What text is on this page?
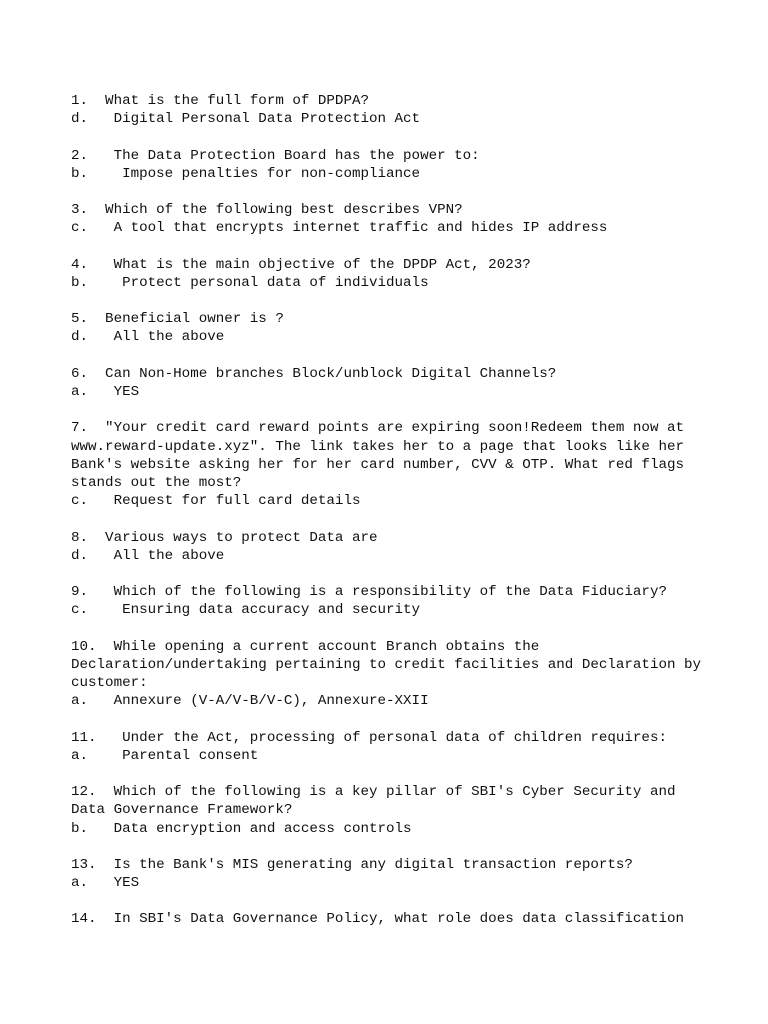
1.  What is the full form of DPDPA?
d.   Digital Personal Data Protection Act
2.   The Data Protection Board has the power to:
b.    Impose penalties for non-compliance
3.  Which of the following best describes VPN?
c.   A tool that encrypts internet traffic and hides IP address
4.   What is the main objective of the DPDP Act, 2023?
b.    Protect personal data of individuals
5.  Beneficial owner is ?
d.   All the above
6.  Can Non-Home branches Block/unblock Digital Channels?
a.   YES
7.  "Your credit card reward points are expiring soon!Redeem them now at
www.reward-update.xyz". The link takes her to a page that looks like her
Bank's website asking her for her card number, CVV & OTP. What red flags
stands out the most?
c.   Request for full card details
8.  Various ways to protect Data are
d.   All the above
9.   Which of the following is a responsibility of the Data Fiduciary?
c.    Ensuring data accuracy and security
10.  While opening a current account Branch obtains the
Declaration/undertaking pertaining to credit facilities and Declaration by
customer:
a.   Annexure (V-A/V-B/V-C), Annexure-XXII
11.   Under the Act, processing of personal data of children requires:
a.    Parental consent
12.  Which of the following is a key pillar of SBI's Cyber Security and
Data Governance Framework?
b.   Data encryption and access controls
13.  Is the Bank's MIS generating any digital transaction reports?
a.   YES
14.  In SBI's Data Governance Policy, what role does data classification
